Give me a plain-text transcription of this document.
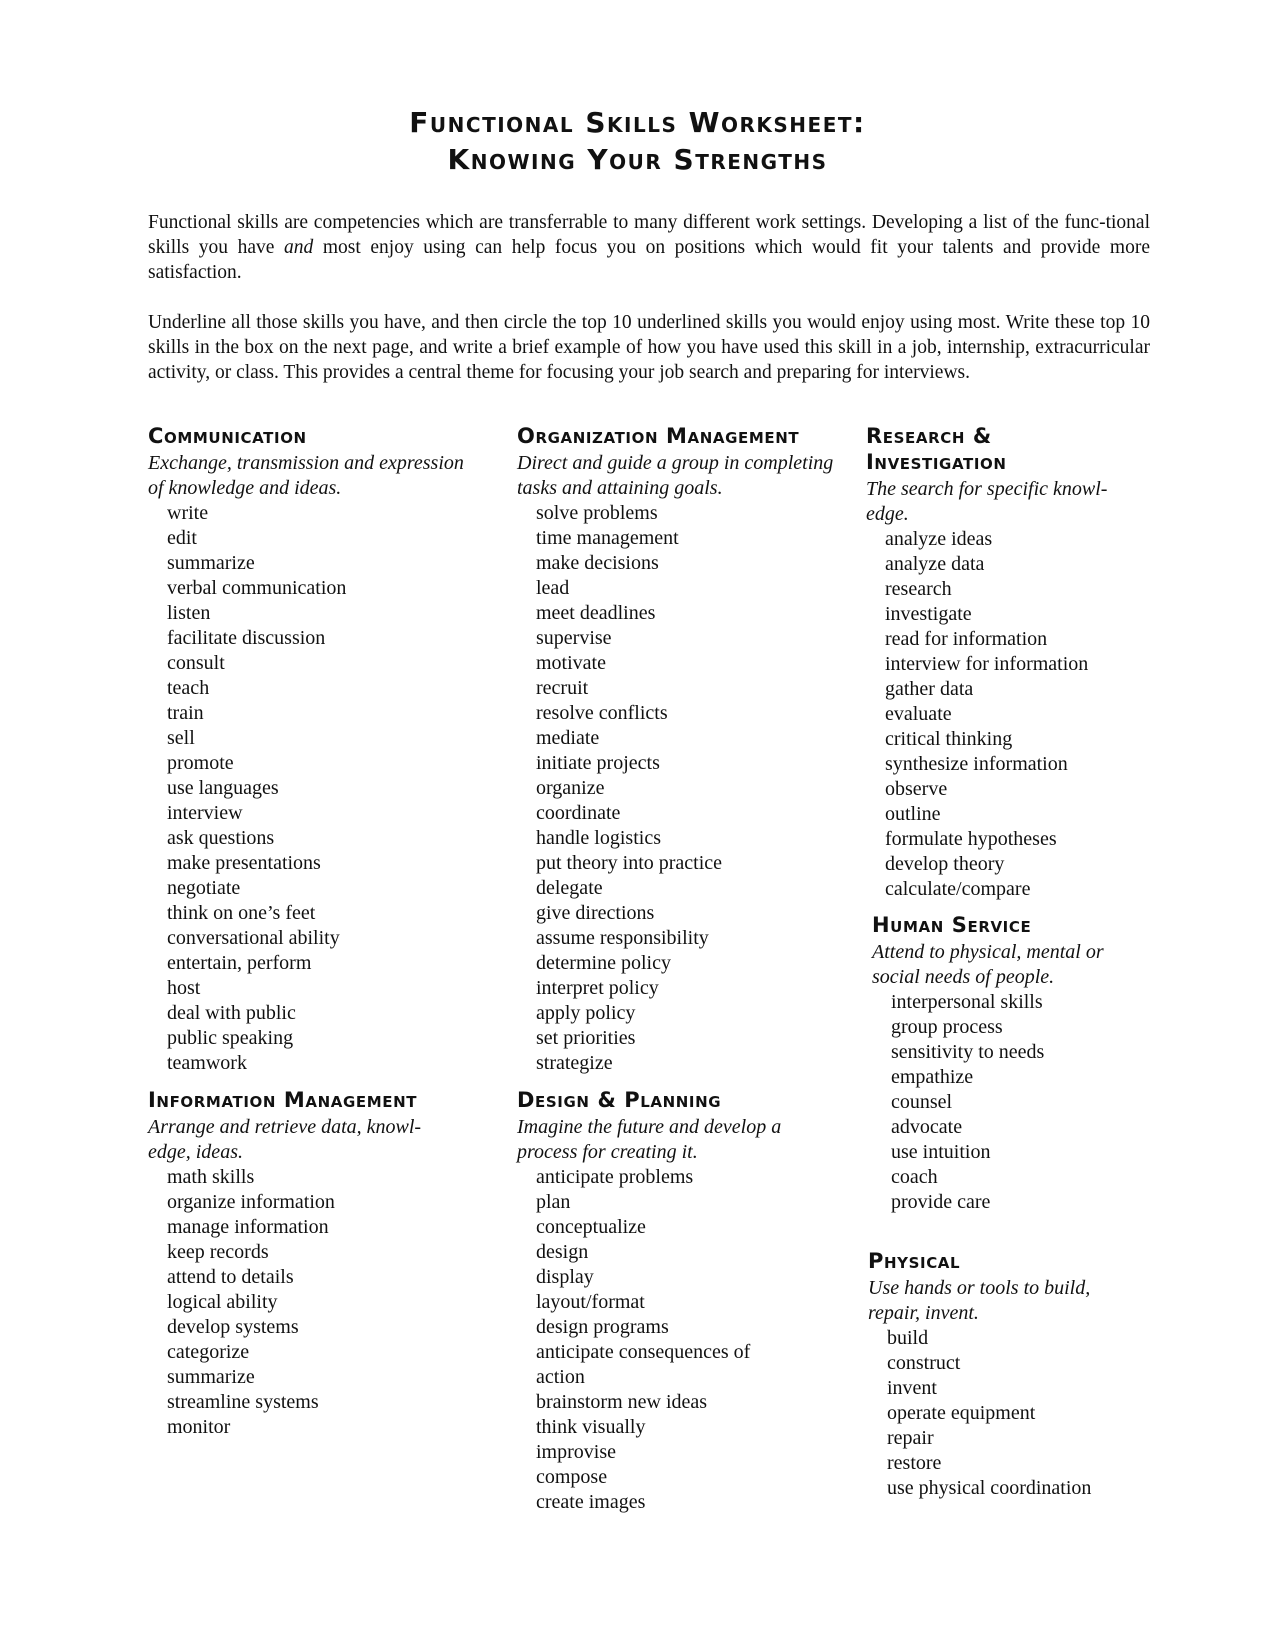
Functional Skills Worksheet:
Knowing Your Strengths

Functional skills are competencies which are transferrable to many different work settings. Developing a list of the func-tional skills you have and most enjoy using can help focus you on positions which would fit your talents and provide more satisfaction.

Underline all those skills you have, and then circle the top 10 underlined skills you would enjoy using most. Write these top 10 skills in the box on the next page, and write a brief example of how you have used this skill in a job, internship, extracurricular activity, or class. This provides a central theme for focusing your job search and preparing for interviews.

Communication

Exchange, transmission and expression of knowledge and ideas.

write
edit
summarize
verbal communication
listen
facilitate discussion
consult
teach
train
sell
promote
use languages
interview
ask questions
make presentations
negotiate
think on one’s feet
conversational ability
entertain, perform
host
deal with public
public speaking
teamwork
Information Management

Arrange and retrieve data, knowl-edge, ideas.

math skills
organize information
manage information
keep records
attend to details
logical ability
develop systems
categorize
summarize
streamline systems
monitor
Organization Management

Direct and guide a group in completing tasks and attaining goals.

solve problems
time management
make decisions
lead
meet deadlines
supervise
motivate
recruit
resolve conflicts
mediate
initiate projects
organize
coordinate
handle logistics
put theory into practice
delegate
give directions
assume responsibility
determine policy
interpret policy
apply policy
set priorities
strategize
Design & Planning

Imagine the future and develop a process for creating it.

anticipate problems
plan
conceptualize
design
display
layout/format
design programs
anticipate consequences of action
brainstorm new ideas
think visually
improvise
compose
create images
Research & Investigation

The search for specific knowl-edge.

analyze ideas
analyze data
research
investigate
read for information
interview for information
gather data
evaluate
critical thinking
synthesize information
observe
outline
formulate hypotheses
develop theory
calculate/compare
Human Service

Attend to physical, mental or social needs of people.

interpersonal skills
group process
sensitivity to needs
empathize
counsel
advocate
use intuition
coach
provide care
Physical

Use hands or tools to build, repair, invent.

build
construct
invent
operate equipment
repair
restore
use physical coordination
